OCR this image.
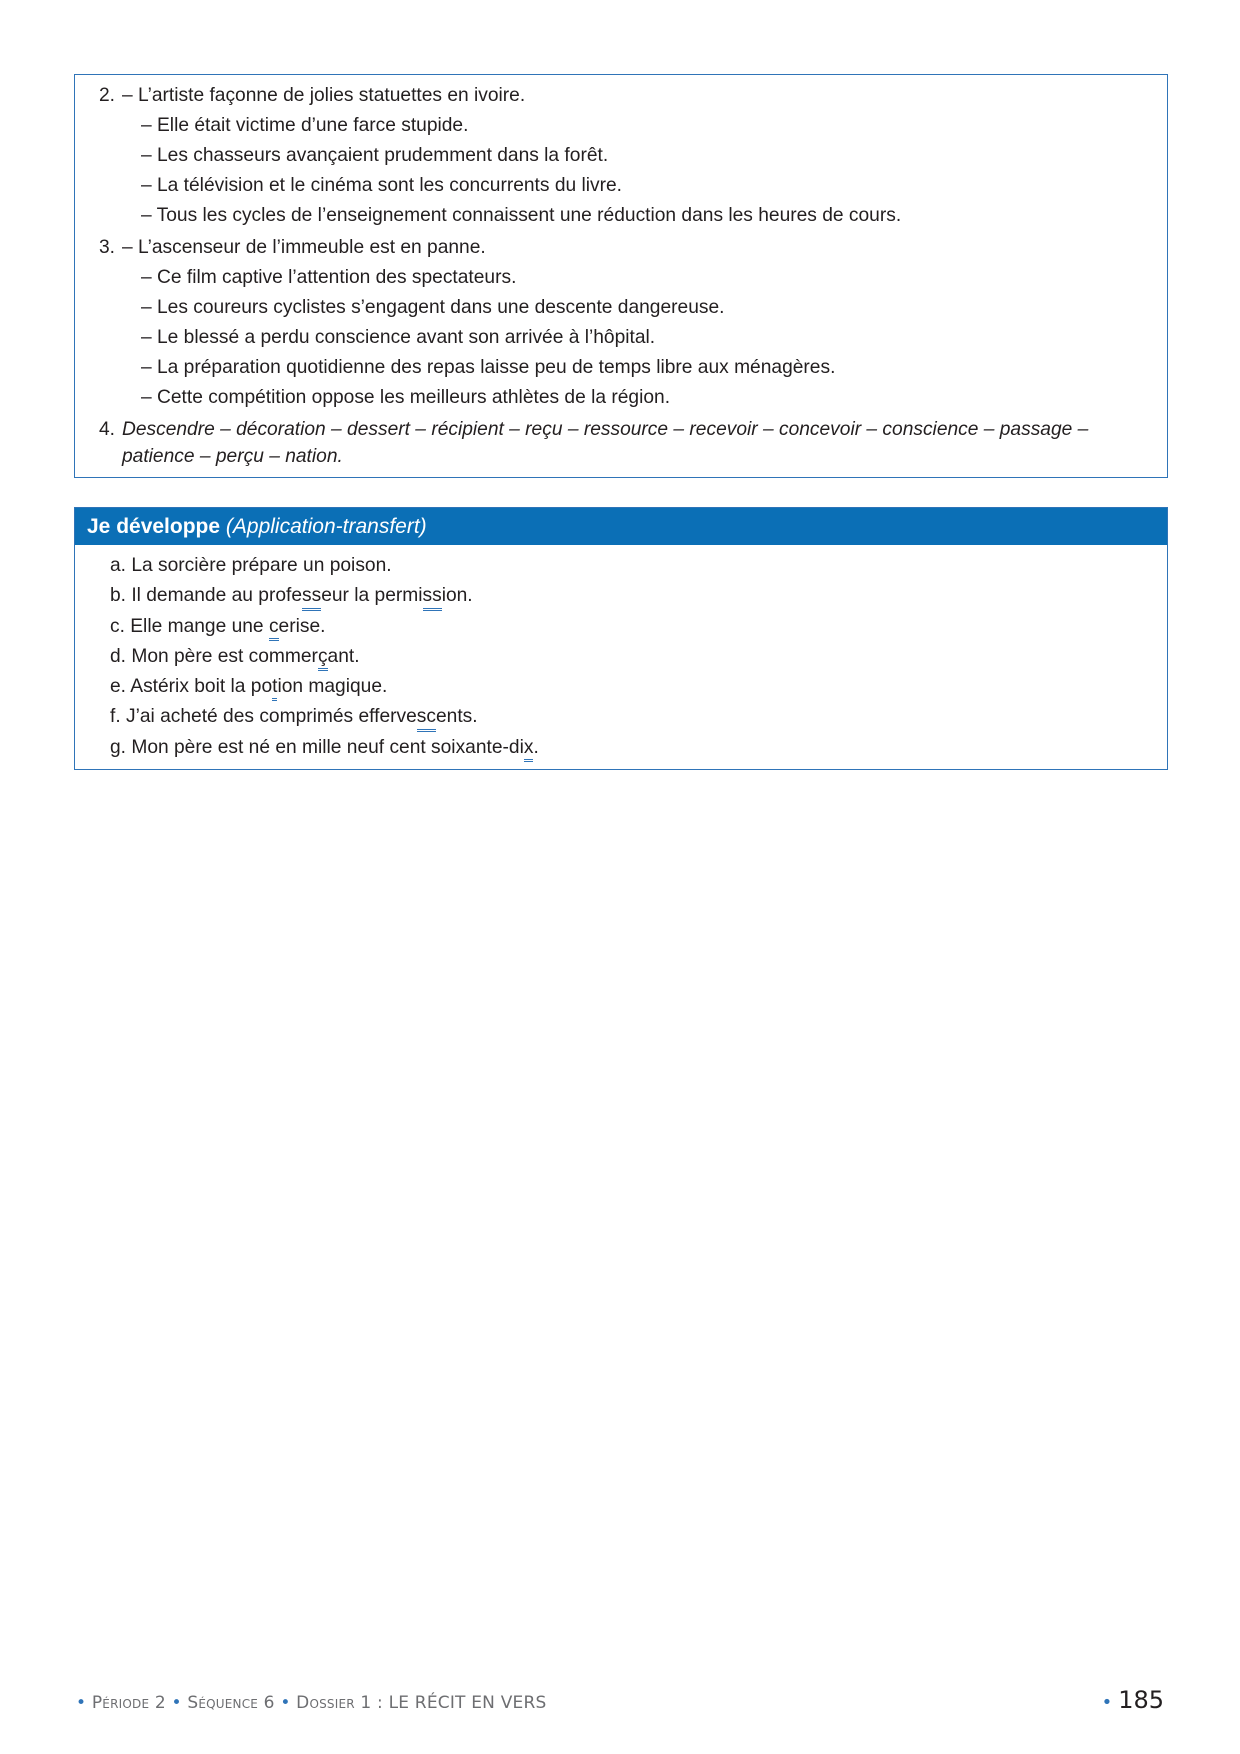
2. – L’artiste façonne de jolies statuettes en ivoire.
– Elle était victime d’une farce stupide.
– Les chasseurs avançaient prudemment dans la forêt.
– La télévision et le cinéma sont les concurrents du livre.
– Tous les cycles de l’enseignement connaissent une réduction dans les heures de cours.
3. – L’ascenseur de l’immeuble est en panne.
– Ce film captive l’attention des spectateurs.
– Les coureurs cyclistes s’engagent dans une descente dangereuse.
– Le blessé a perdu conscience avant son arrivée à l’hôpital.
– La préparation quotidienne des repas laisse peu de temps libre aux ménagères.
– Cette compétition oppose les meilleurs athlètes de la région.
4. Descendre – décoration – dessert – récipient – reçu – ressource – recevoir – concevoir – conscience – passage –
patience – perçu – nation.
Je développe (Application-transfert)
a. La sorcière prépare un poison.
b. Il demande au professeur la permission.
c. Elle mange une cerise.
d. Mon père est commerçant.
e. Astérix boit la potion magique.
f. J’ai acheté des comprimés effervescents.
g. Mon père est né en mille neuf cent soixante-dix.
• Période 2 • Séquence 6 • Dossier 1 : LE RÉCIT EN VERS	• 185
